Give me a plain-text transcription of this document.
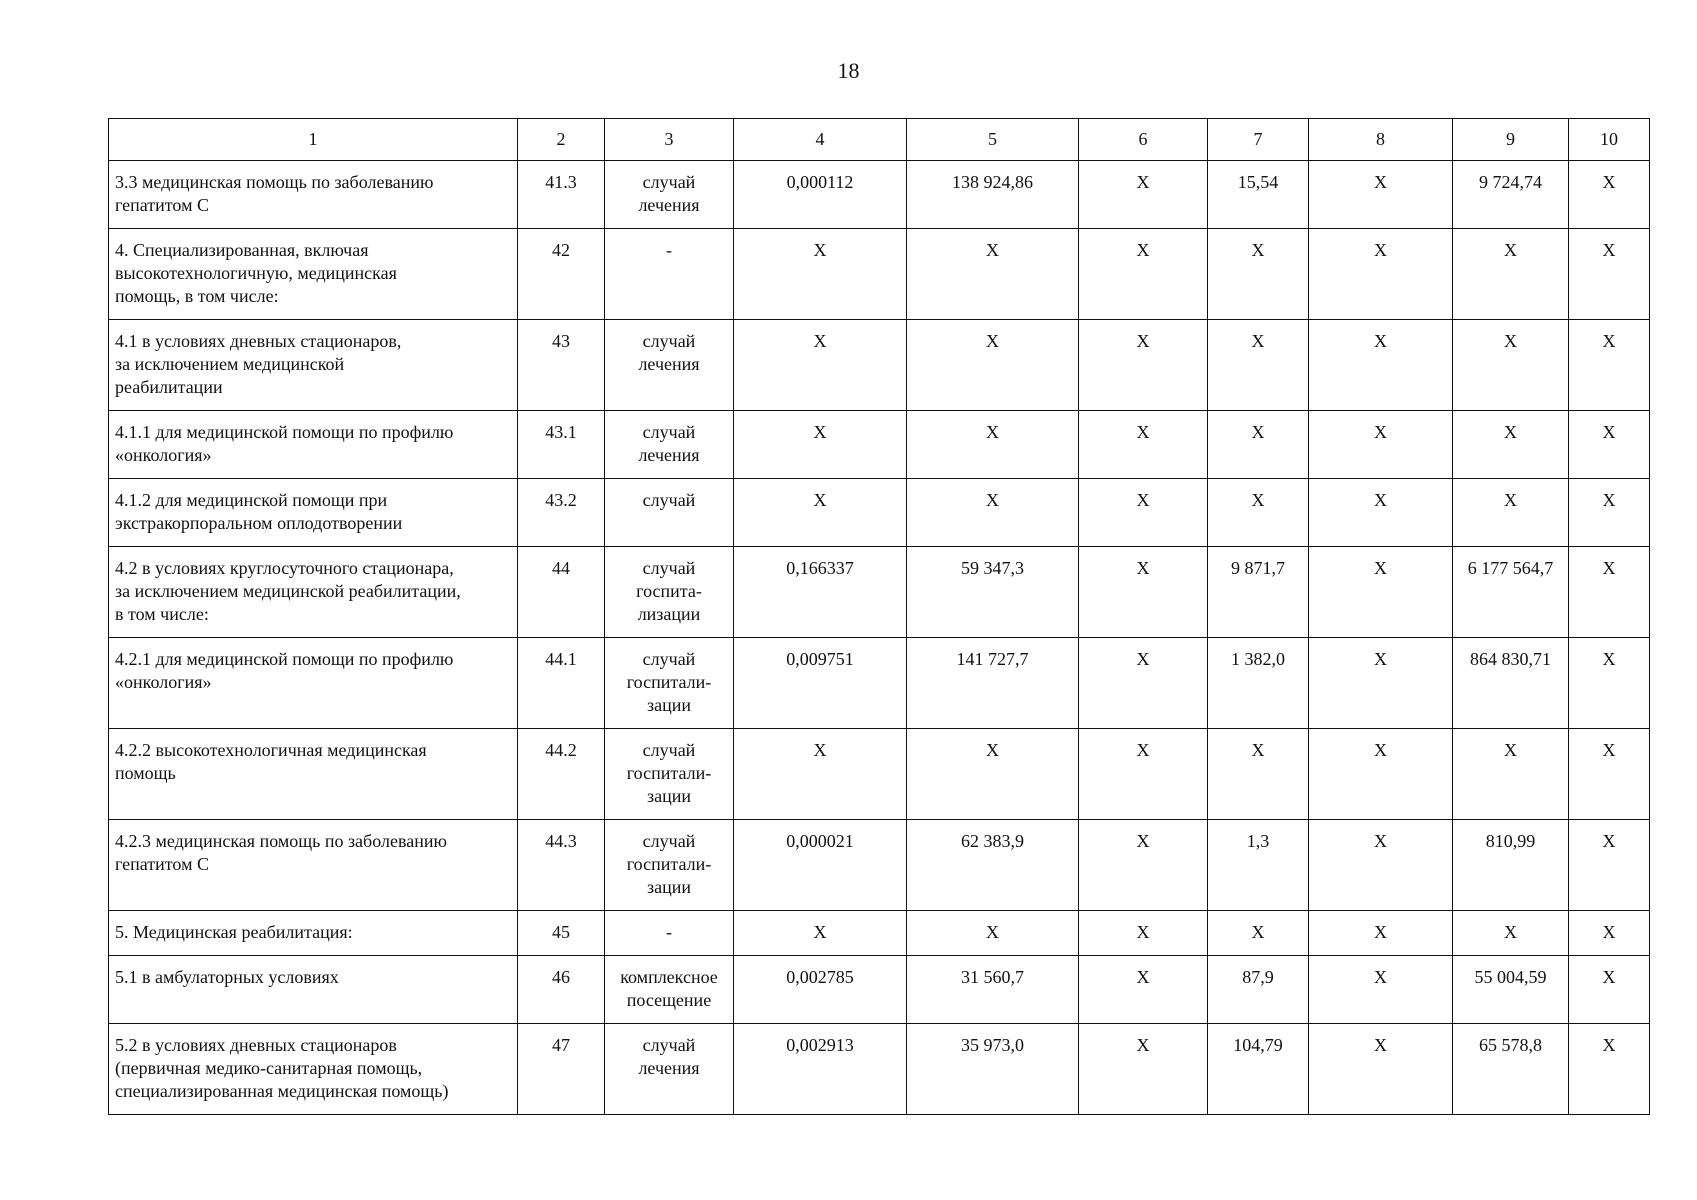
18
1	2	3	4	5	6	7	8	9	10
3.3 медицинская помощь по заболеванию
гепатитом С	41.3	случай
лечения	0,000112	138 924,86	Х	15,54	Х	9 724,74	Х
4. Специализированная, включая
высокотехнологичную, медицинская
помощь, в том числе:	42	-	Х	Х	Х	Х	Х	Х	Х
4.1 в условиях дневных стационаров,
за исключением медицинской
реабилитации	43	случай
лечения	Х	Х	Х	Х	Х	Х	Х
4.1.1 для медицинской помощи по профилю
«онкология»	43.1	случай
лечения	Х	Х	Х	Х	Х	Х	Х
4.1.2 для медицинской помощи при
экстракорпоральном оплодотворении	43.2	случай	Х	Х	Х	Х	Х	Х	Х
4.2 в условиях круглосуточного стационара,
за исключением медицинской реабилитации,
в том числе:	44	случай
госпита-
лизации	0,166337	59 347,3	Х	9 871,7	Х	6 177 564,7	Х
4.2.1 для медицинской помощи по профилю
«онкология»	44.1	случай
госпитали-
зации	0,009751	141 727,7	Х	1 382,0	Х	864 830,71	Х
4.2.2 высокотехнологичная медицинская
помощь	44.2	случай
госпитали-
зации	Х	Х	Х	Х	Х	Х	Х
4.2.3 медицинская помощь по заболеванию
гепатитом С	44.3	случай
госпитали-
зации	0,000021	62 383,9	Х	1,3	Х	810,99	Х
5. Медицинская реабилитация:	45	-	Х	Х	Х	Х	Х	Х	Х
5.1 в амбулаторных условиях	46	комплексное
посещение	0,002785	31 560,7	Х	87,9	Х	55 004,59	Х
5.2 в условиях дневных стационаров
(первичная медико-санитарная помощь,
специализированная медицинская помощь)	47	случай
лечения	0,002913	35 973,0	Х	104,79	Х	65 578,8	Х
